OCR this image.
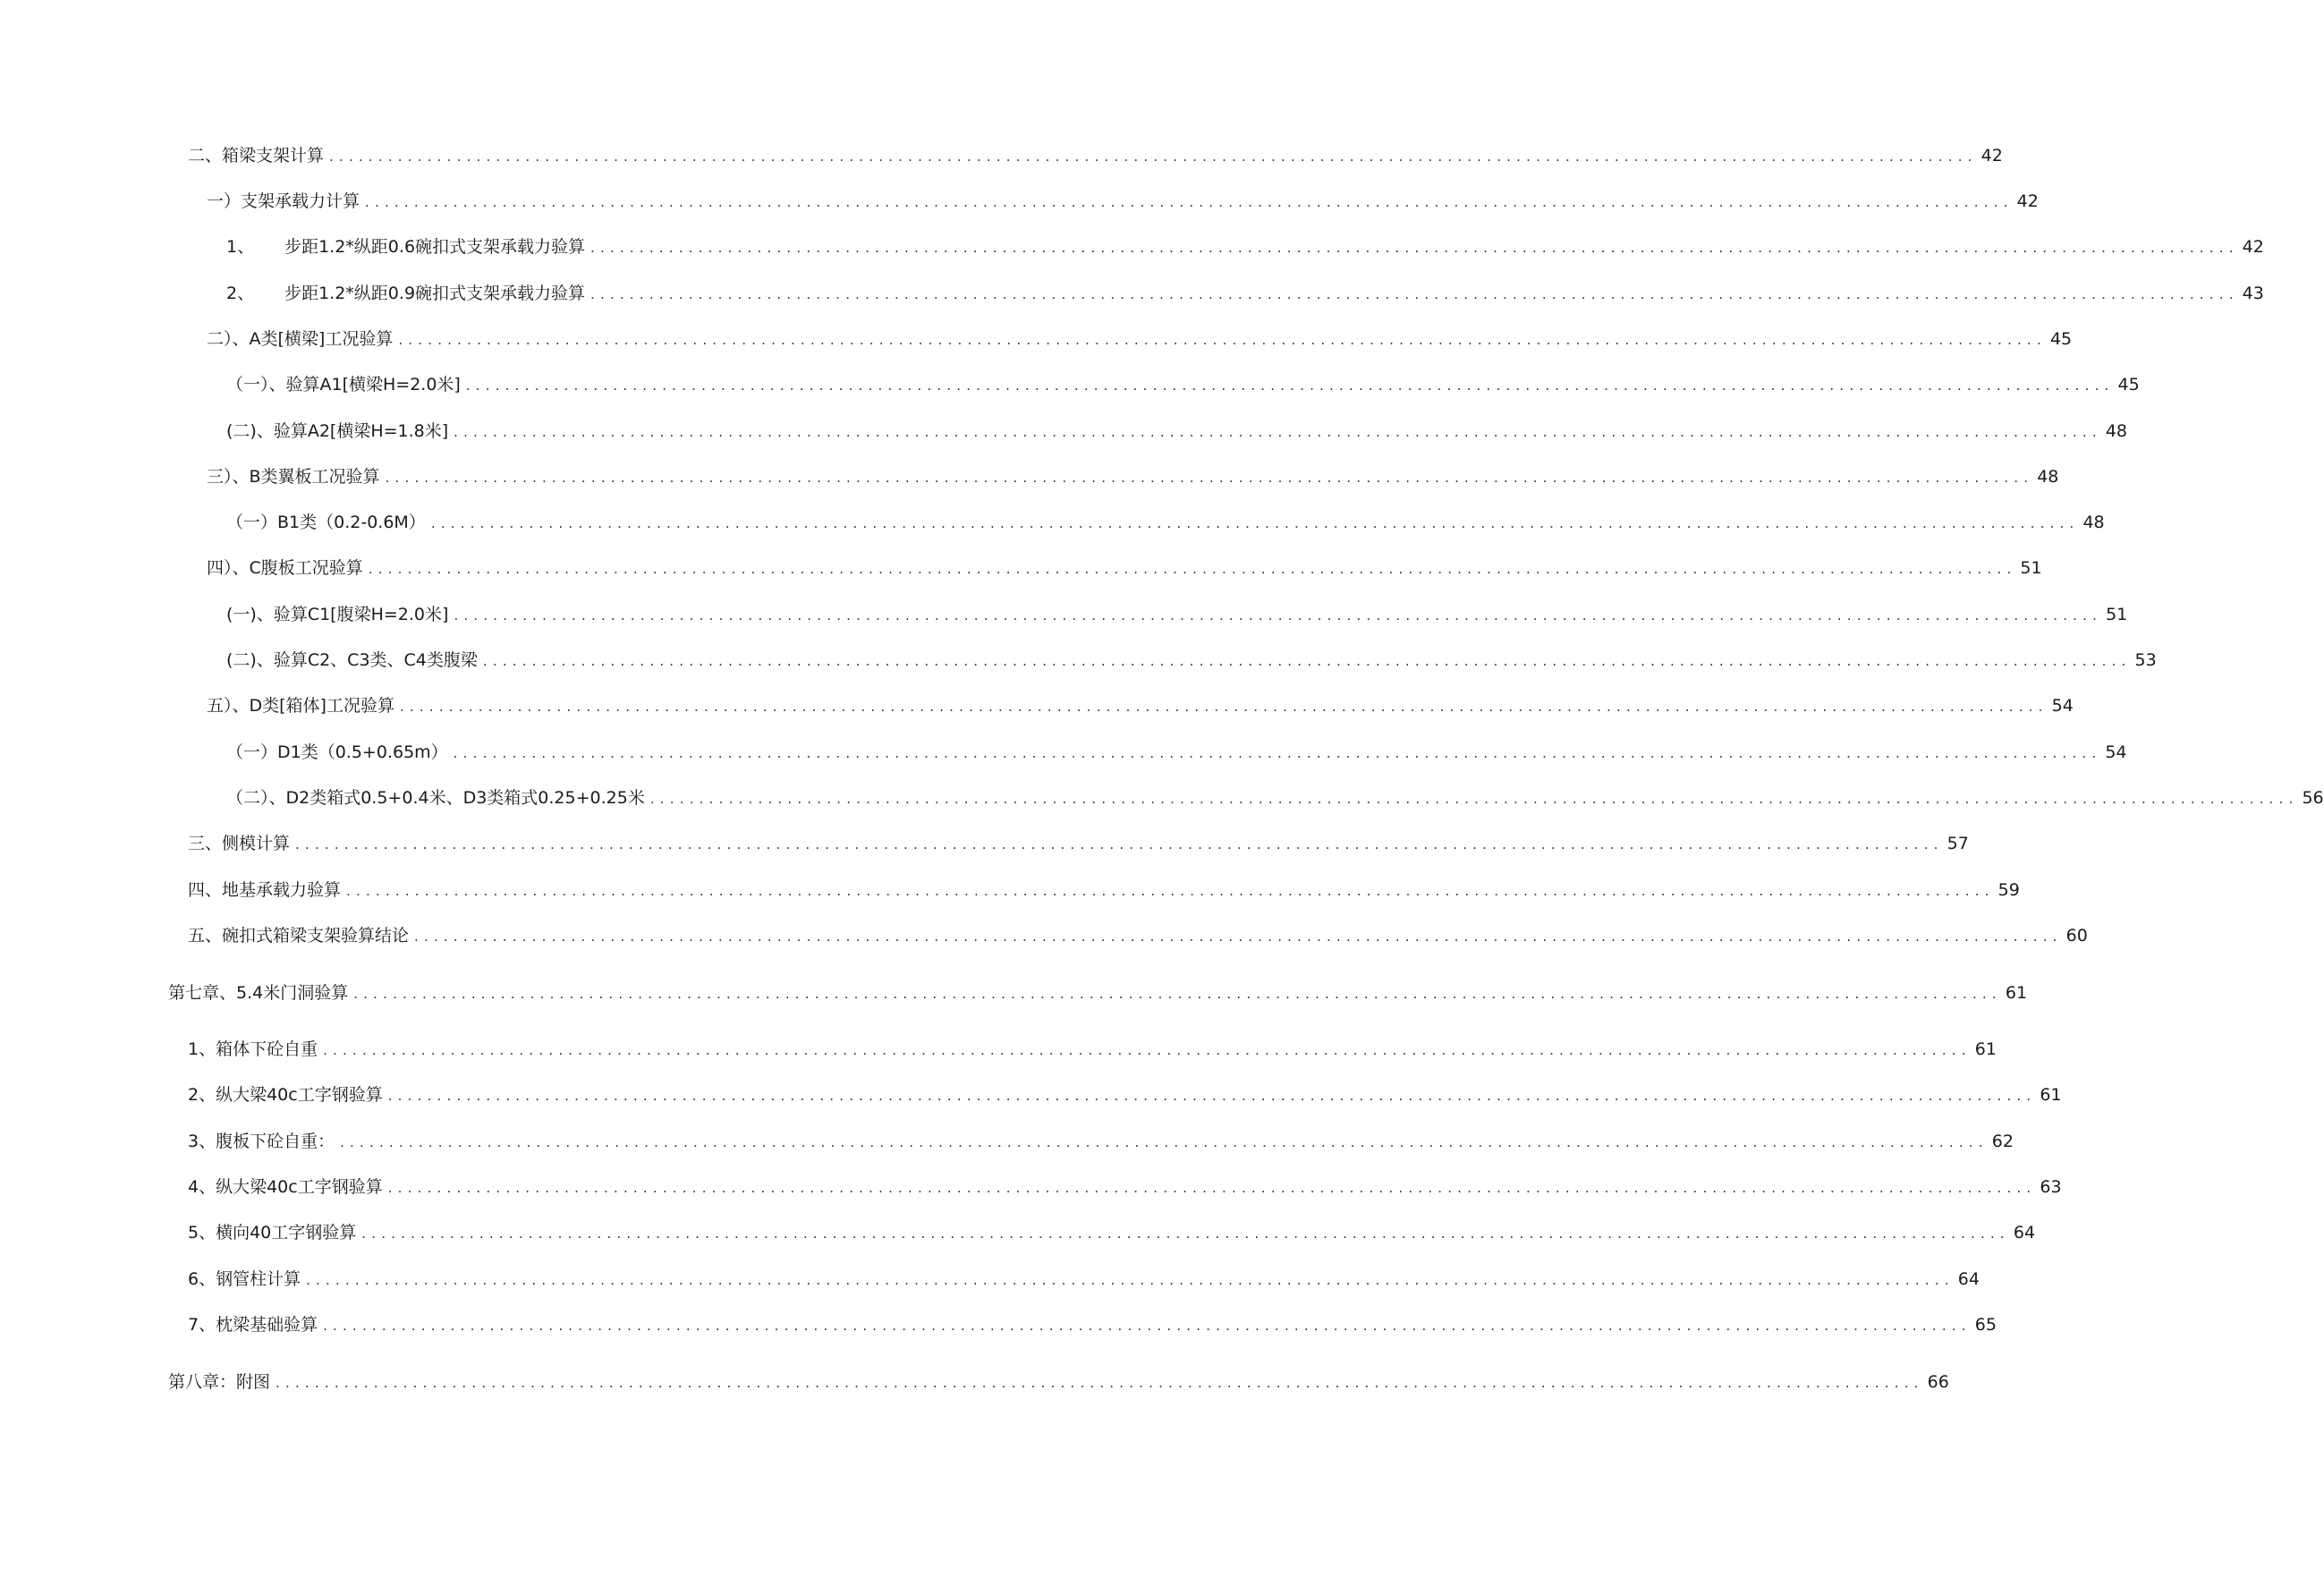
二、箱梁支架计算 ........................................................................................................................................................................ 42
一）支架承载力计算 ........................................................................................................................................................................ 42
1、 步距1.2*纵距0.6碗扣式支架承载力验算 ........................................................................................................................................................................ 42
2、 步距1.2*纵距0.9碗扣式支架承载力验算 ........................................................................................................................................................................ 43
二）、A类[横梁]工况验算 ........................................................................................................................................................................ 45
（一）、验算A1[横梁H=2.0米] ........................................................................................................................................................................ 45
(二)、验算A2[横梁H=1.8米] ........................................................................................................................................................................ 48
三）、B类翼板工况验算 ........................................................................................................................................................................ 48
（一）B1类（0.2-0.6M） ........................................................................................................................................................................ 48
四）、C腹板工况验算 ........................................................................................................................................................................ 51
(一)、验算C1[腹梁H=2.0米] ........................................................................................................................................................................ 51
(二)、验算C2、C3类、C4类腹梁 ........................................................................................................................................................................ 53
五）、D类[箱体]工况验算 ........................................................................................................................................................................ 54
（一）D1类（0.5+0.65m） ........................................................................................................................................................................ 54
（二）、D2类箱式0.5+0.4米、D3类箱式0.25+0.25米 ........................................................................................................................................................................ 56
三、侧模计算 ........................................................................................................................................................................ 57
四、地基承载力验算 ........................................................................................................................................................................ 59
五、碗扣式箱梁支架验算结论 ........................................................................................................................................................................ 60
第七章、5.4米门洞验算 ........................................................................................................................................................................ 61
1、箱体下砼自重 ........................................................................................................................................................................ 61
2、纵大梁40c工字钢验算 ........................................................................................................................................................................ 61
3、腹板下砼自重： ........................................................................................................................................................................ 62
4、纵大梁40c工字钢验算 ........................................................................................................................................................................ 63
5、横向40工字钢验算 ........................................................................................................................................................................ 64
6、钢管柱计算 ........................................................................................................................................................................ 64
7、枕梁基础验算 ........................................................................................................................................................................ 65
第八章：附图 ........................................................................................................................................................................ 66
